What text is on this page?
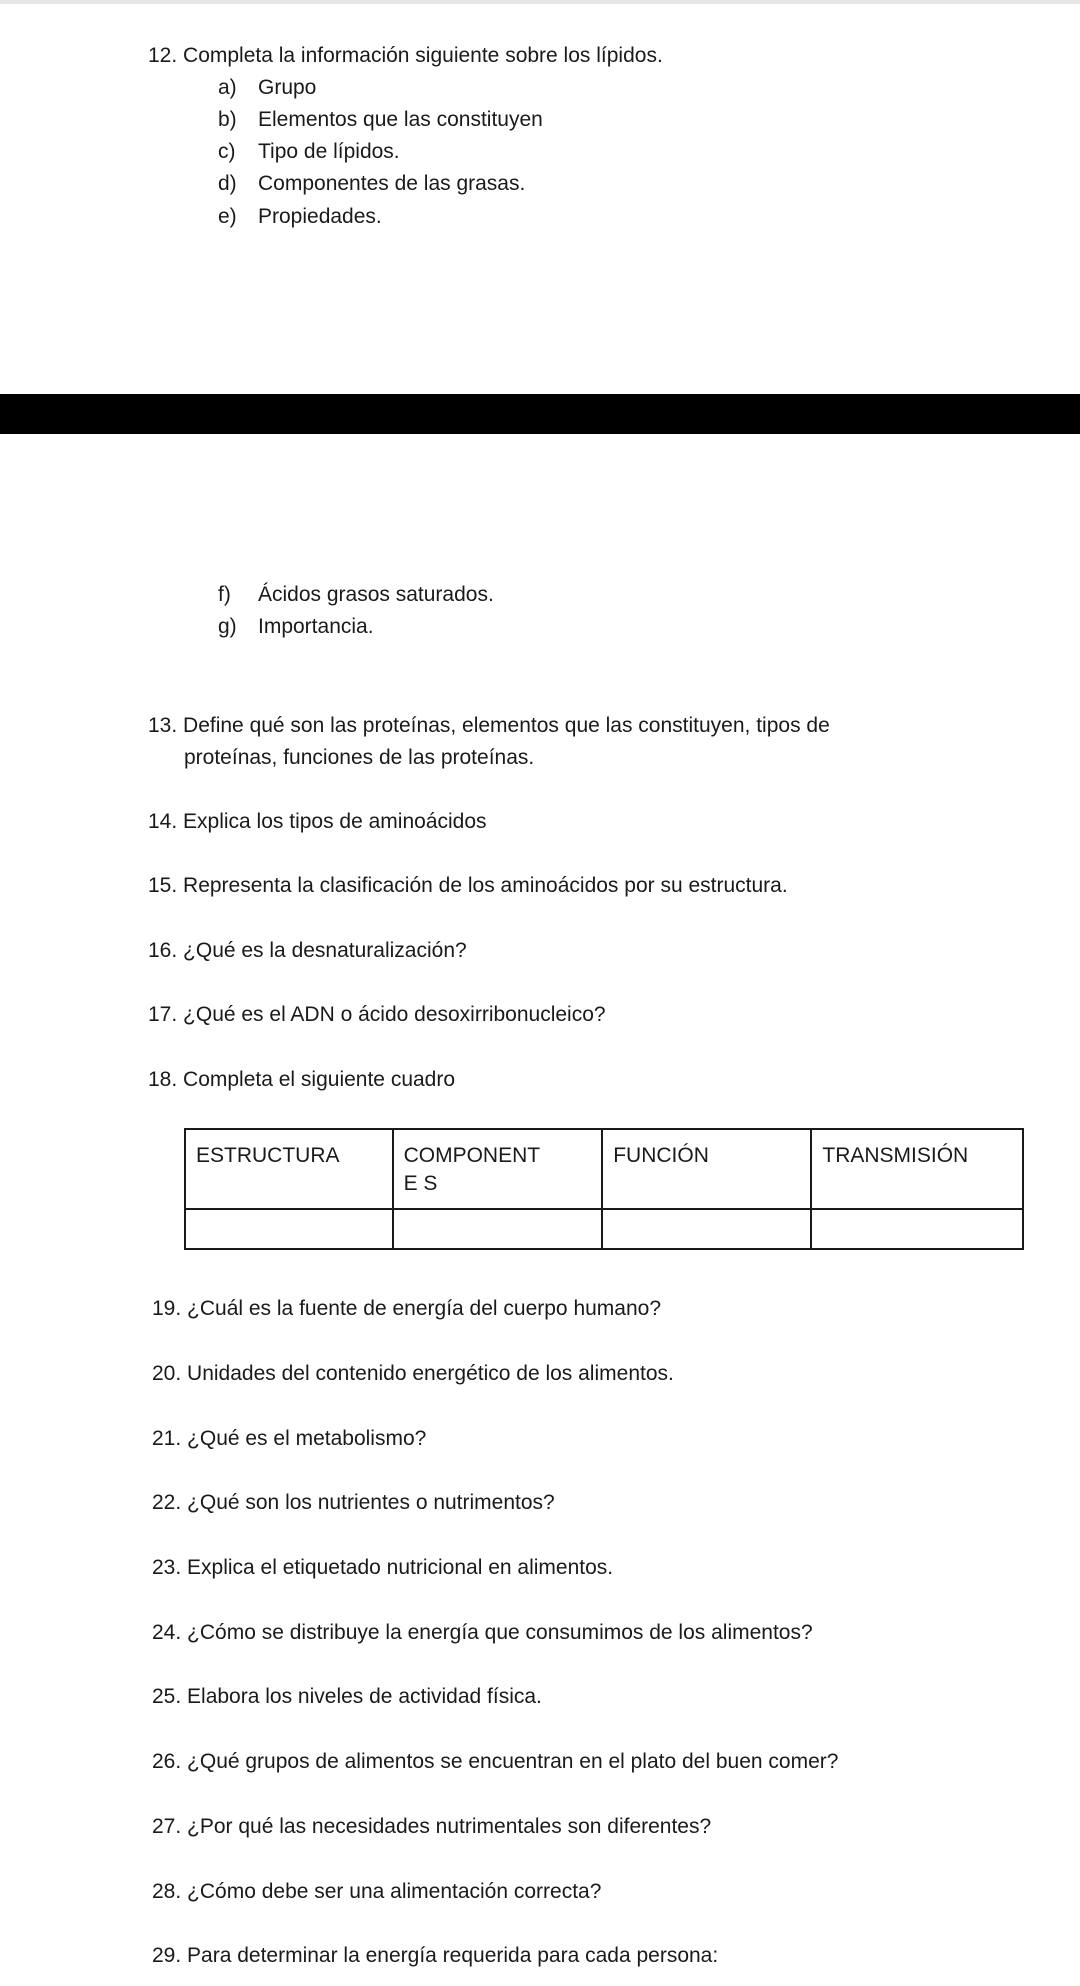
12. Completa la información siguiente sobre los lípidos.
a) Grupo
b) Elementos que las constituyen
c) Tipo de lípidos.
d) Componentes de las grasas.
e) Propiedades.
f) Ácidos grasos saturados.
g) Importancia.
13. Define qué son las proteínas, elementos que las constituyen, tipos de
proteínas, funciones de las proteínas.
14. Explica los tipos de aminoácidos
15. Representa la clasificación de los aminoácidos por su estructura.
16. ¿Qué es la desnaturalización?
17. ¿Qué es el ADN o ácido desoxirribonucleico?
18. Completa el siguiente cuadro
ESTRUCTURA	COMPONENTE S	FUNCIÓN	TRANSMISIÓN

19. ¿Cuál es la fuente de energía del cuerpo humano?
20. Unidades del contenido energético de los alimentos.
21. ¿Qué es el metabolismo?
22. ¿Qué son los nutrientes o nutrimentos?
23. Explica el etiquetado nutricional en alimentos.
24. ¿Cómo se distribuye la energía que consumimos de los alimentos?
25. Elabora los niveles de actividad física.
26. ¿Qué grupos de alimentos se encuentran en el plato del buen comer?
27. ¿Por qué las necesidades nutrimentales son diferentes?
28. ¿Cómo debe ser una alimentación correcta?
29. Para determinar la energía requerida para cada persona:
